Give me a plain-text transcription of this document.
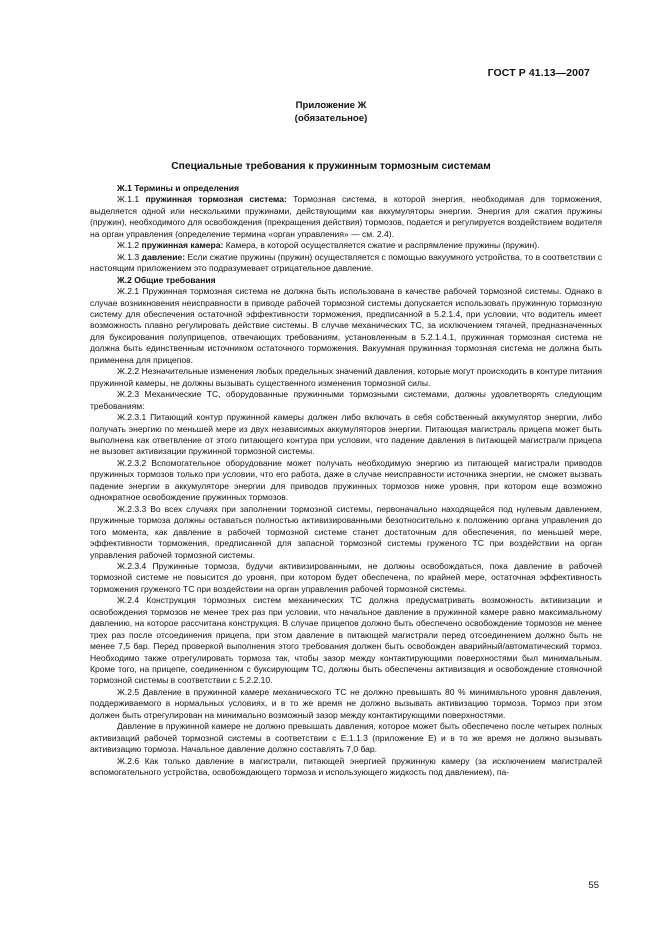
ГОСТ Р 41.13—2007
Приложение Ж
(обязательное)
Специальные требования к пружинным тормозным системам

Ж.1 Термины и определения

Ж.1.1 пружинная тормозная система: Тормозная система, в которой энергия, необходимая для торможения, выделяется одной или несколькими пружинами, действующими как аккумуляторы энергии. Энергия для сжатия пружины (пружин), необходимого для освобождения (прекращения действия) тормозов, подается и регулируется воздействием водителя на орган управления (определение термина «орган управления» — см. 2.4).

Ж.1.2 пружинная камера: Камера, в которой осуществляется сжатие и распрямление пружины (пружин).

Ж.1.3 давление: Если сжатие пружины (пружин) осуществляется с помощью вакуумного устройства, то в соответствии с настоящим приложением это подразумевает отрицательное давление.

Ж.2 Общие требования

Ж.2.1 Пружинная тормозная система не должна быть использована в качестве рабочей тормозной системы. Однако в случае возникновения неисправности в приводе рабочей тормозной системы допускается использовать пружинную тормозную систему для обеспечения остаточной эффективности торможения, предписанной в 5.2.1.4, при условии, что водитель имеет возможность плавно регулировать действие системы. В случае механических ТС, за исключением тягачей, предназначенных для буксирования полуприцепов, отвечающих требованиям, установленным в 5.2.1.4.1, пружинная тормозная система не должна быть единственным источником остаточного торможения. Вакуумная пружинная тормозная система не должна быть применена для прицепов.

Ж.2.2 Незначительные изменения любых предельных значений давления, которые могут происходить в контуре питания пружинной камеры, не должны вызывать существенного изменения тормозной силы.

Ж.2.3 Механические ТС, оборудованные пружинными тормозными системами, должны удовлетворять следующим требованиям:

Ж.2.3.1 Питающий контур пружинной камеры должен либо включать в себя собственный аккумулятор энергии, либо получать энергию по меньшей мере из двух независимых аккумуляторов энергии. Питающая магистраль прицепа может быть выполнена как ответвление от этого питающего контура при условии, что падение давления в питающей магистрали прицепа не вызовет активизации пружинной тормозной системы.

Ж.2.3.2 Вспомогательное оборудование может получать необходимую энергию из питающей магистрали приводов пружинных тормозов только при условии, что его работа, даже в случае неисправности источника энергии, не сможет вызвать падение энергии в аккумуляторе энергии для приводов пружинных тормозов ниже уровня, при котором еще возможно однократное освобождение пружинных тормозов.

Ж.2.3.3 Во всех случаях при заполнении тормозной системы, первоначально находящейся под нулевым давлением, пружинные тормоза должны оставаться полностью активизированными безотносительно к положению органа управления до того момента, как давление в рабочей тормозной системе станет достаточным для обеспечения, по меньшей мере, эффективности торможения, предписанной для запасной тормозной системы груженого ТС при воздействии на орган управления рабочей тормозной системы.

Ж.2.3.4 Пружинные тормоза, будучи активизированными, не должны освобождаться, пока давление в рабочей тормозной системе не повысится до уровня, при котором будет обеспечена, по крайней мере, остаточная эффективность торможения груженого ТС при воздействии на орган управления рабочей тормозной системы.

Ж.2.4 Конструкция тормозных систем механических ТС должна предусматривать возможность активизации и освобождения тормозов не менее трех раз при условии, что начальное давление в пружинной камере равно максимальному давлению, на которое рассчитана конструкция. В случае прицепов должно быть обеспечено освобождение тормозов не менее трех раз после отсоединения прицепа, при этом давление в питающей магистрали перед отсоединением должно быть не менее 7,5 бар. Перед проверкой выполнения этого требования должен быть освобожден аварийный/автоматический тормоз. Необходимо также отрегулировать тормоза так, чтобы зазор между контактирующими поверхностями был минимальным. Кроме того, на прицепе, соединенном с буксирующим ТС, должны быть обеспечены активизация и освобождение стояночной тормозной системы в соответствии с 5.2.2.10.

Ж.2.5 Давление в пружинной камере механического ТС не должно превышать 80 % минимального уровня давления, поддерживаемого в нормальных условиях, и в то же время не должно вызывать активизацию тормоза. Тормоз при этом должен быть отрегулирован на минимально возможный зазор между контактирующими поверхностями.

Давление в пружинной камере не должно превышать давления, которое может быть обеспечено после четырех полных активизаций рабочей тормозной системы в соответствии с Е.1.1.3 (приложение Е) и в то же время не должно вызывать активизацию тормоза. Начальное давление должно составлять 7,0 бар.

Ж.2.6 Как только давление в магистрали, питающей энергией пружинную камеру (за исключением магистралей вспомогательного устройства, освобождающего тормоза и использующего жидкость под давлением), па-

55
